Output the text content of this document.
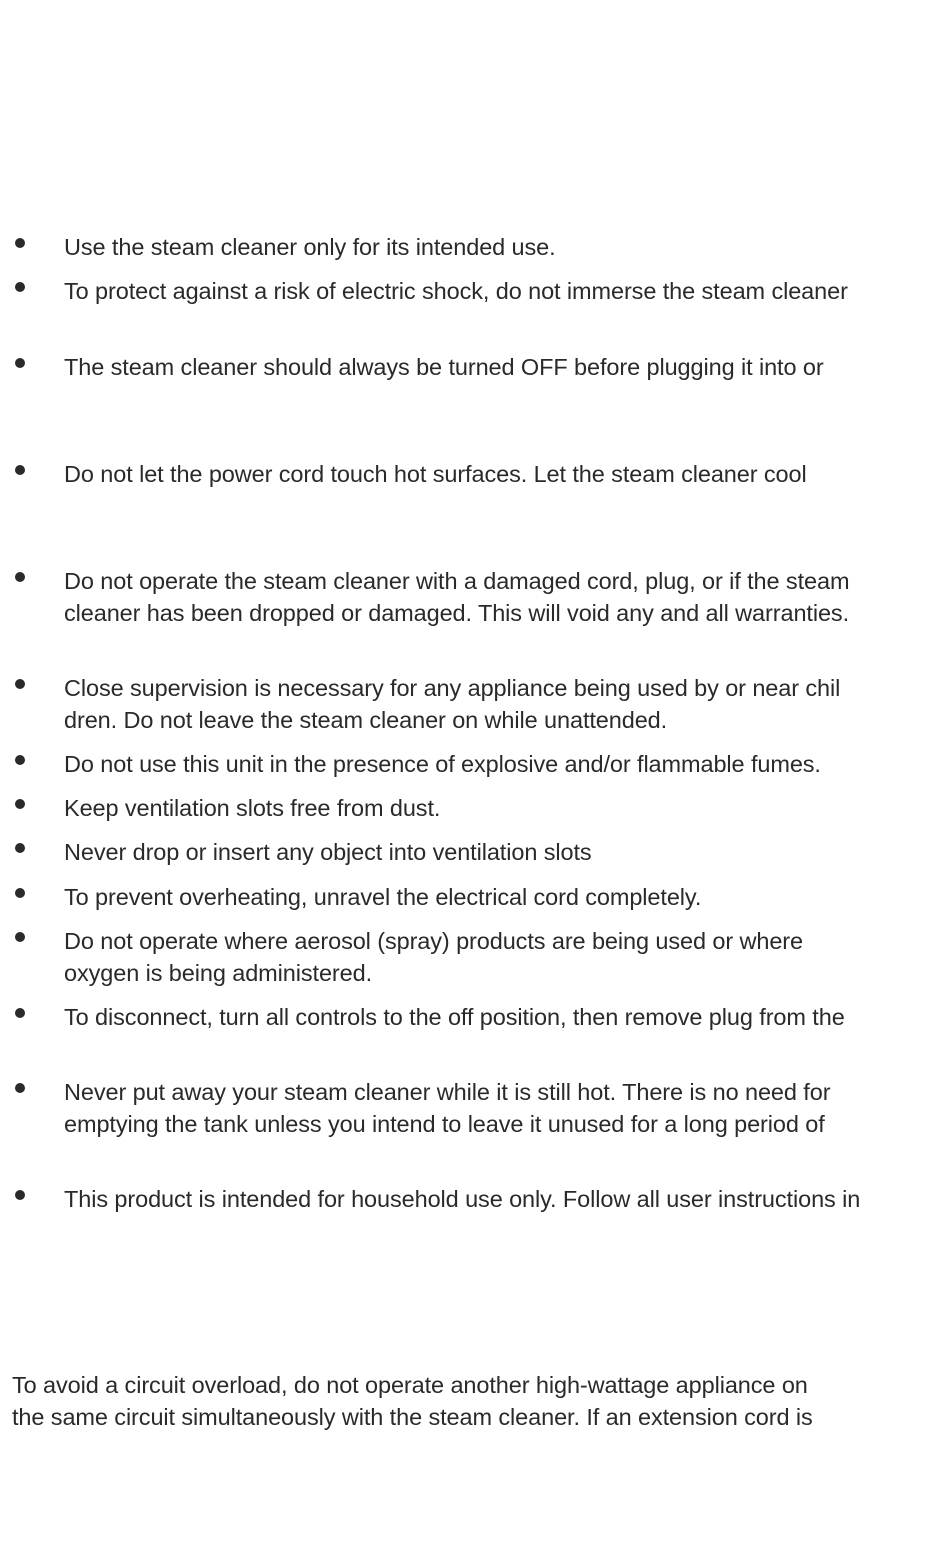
Use the steam cleaner only for its intended use.
To protect against a risk of electric shock, do not immerse the steam cleaner
The steam cleaner should always be turned OFF before plugging it into or
Do not let the power cord touch hot surfaces. Let the steam cleaner cool
Do not operate the steam cleaner with a damaged cord, plug, or if the steam
cleaner has been dropped or damaged. This will void any and all warranties.
Close supervision is necessary for any appliance being used by or near chil
dren. Do not leave the steam cleaner on while unattended.
Do not use this unit in the presence of explosive and/or flammable fumes.
Keep ventilation slots free from dust.
Never drop or insert any object into ventilation slots
To prevent overheating, unravel the electrical cord completely.
Do not operate where aerosol (spray) products are being used or where
oxygen is being administered.
To disconnect, turn all controls to the off position, then remove plug from the
Never put away your steam cleaner while it is still hot. There is no need for
emptying the tank unless you intend to leave it unused for a long period of
This product is intended for household use only. Follow all user instructions in
To avoid a circuit overload, do not operate another high-wattage appliance on
the same circuit simultaneously with the steam cleaner. If an extension cord is
